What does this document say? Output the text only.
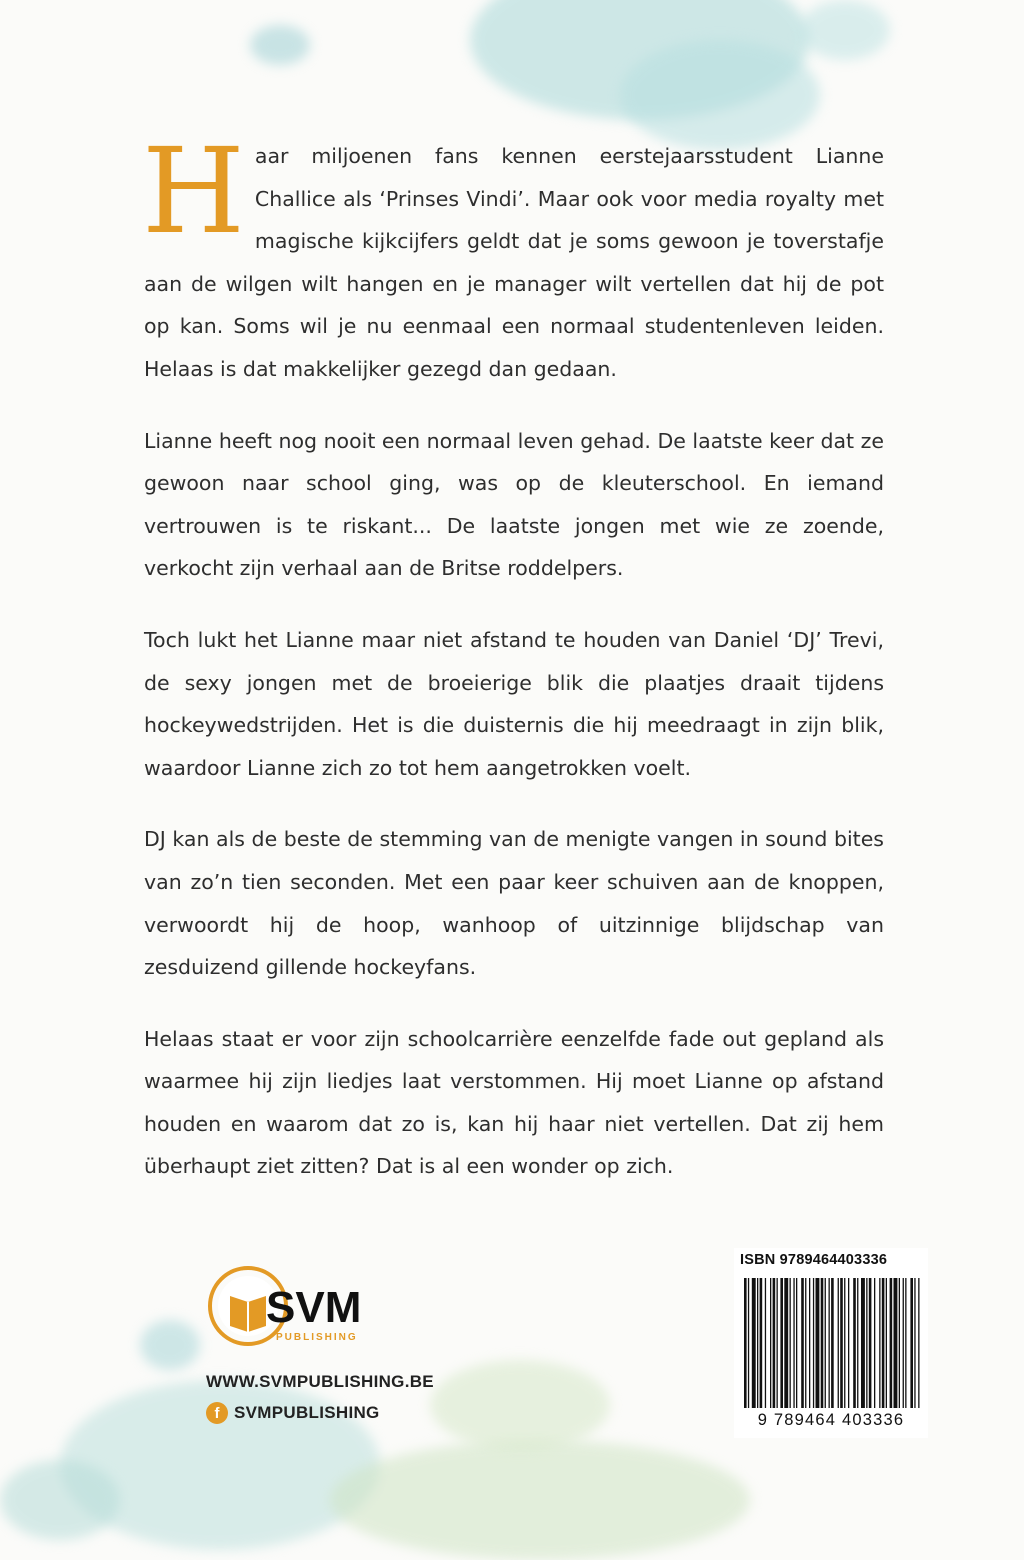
Haar miljoenen fans kennen eerstejaarsstudent Lianne Challice als ‘Prinses Vindi’. Maar ook voor media royalty met magische kijkcijfers geldt dat je soms gewoon je toverstafje aan de wilgen wilt hangen en je manager wilt vertellen dat hij de pot op kan. Soms wil je nu eenmaal een normaal studentenleven leiden. Helaas is dat makkelijker gezegd dan gedaan.

Lianne heeft nog nooit een normaal leven gehad. De laatste keer dat ze gewoon naar school ging, was op de kleuterschool. En iemand vertrouwen is te riskant... De laatste jongen met wie ze zoende, verkocht zijn verhaal aan de Britse roddelpers.

Toch lukt het Lianne maar niet afstand te houden van Daniel ‘DJ’ Trevi, de sexy jongen met de broeierige blik die plaatjes draait tijdens hockeywedstrijden. Het is die duisternis die hij meedraagt in zijn blik, waardoor Lianne zich zo tot hem aangetrokken voelt.

DJ kan als de beste de stemming van de menigte vangen in sound bites van zo’n tien seconden. Met een paar keer schuiven aan de knoppen, verwoordt hij de hoop, wanhoop of uitzinnige blijdschap van zesduizend gillende hockeyfans.

Helaas staat er voor zijn schoolcarrière eenzelfde fade out gepland als waarmee hij zijn liedjes laat verstommen. Hij moet Lianne op afstand houden en waarom dat zo is, kan hij haar niet vertellen. Dat zij hem überhaupt ziet zitten? Dat is al een wonder op zich.

SVM
PUBLISHING
WWW.SVMPUBLISHING.BE
f SVMPUBLISHING
ISBN 9789464403336
9 789464 403336
